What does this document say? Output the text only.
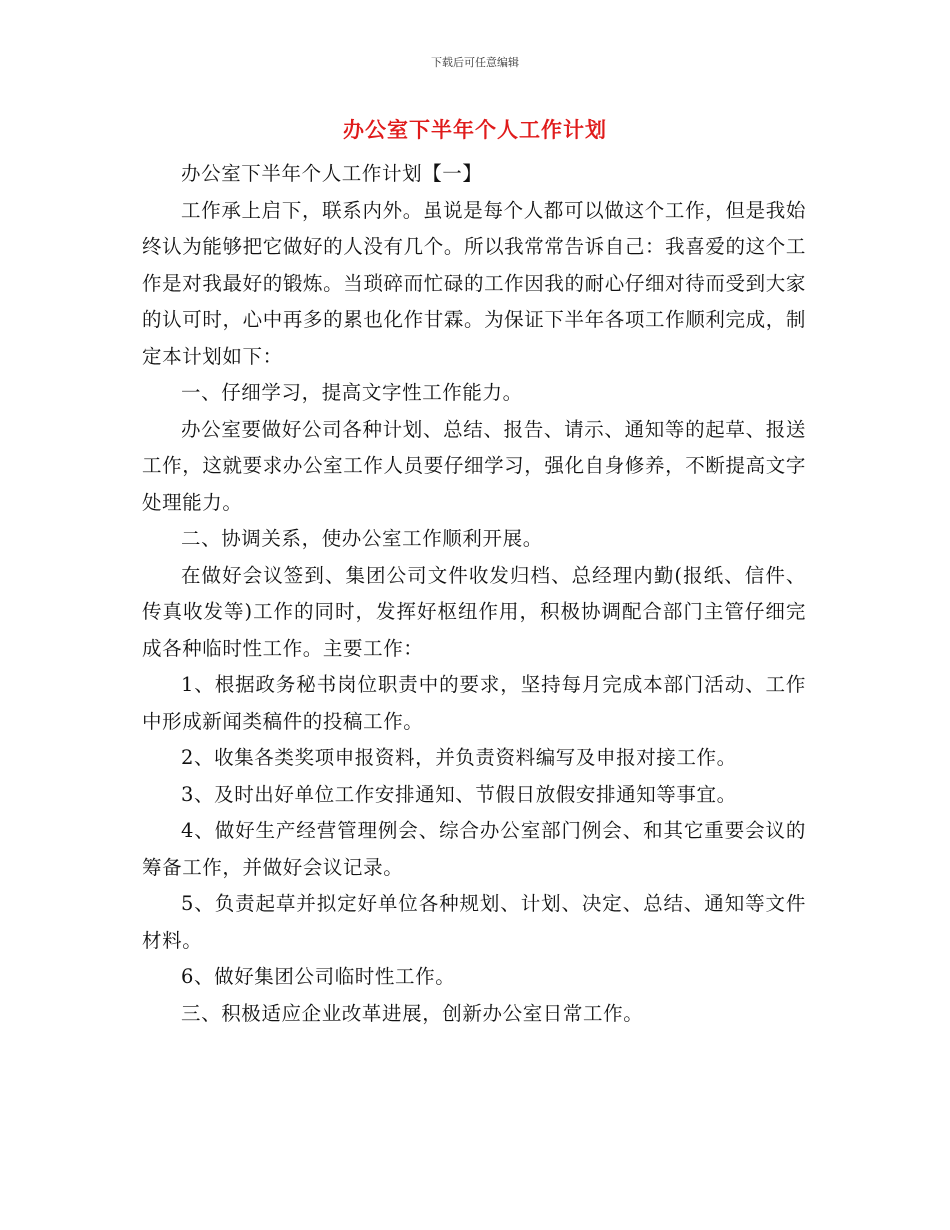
下载后可任意编辑
办公室下半年个人工作计划

办公室下半年个人工作计划【一】

工作承上启下，联系内外。虽说是每个人都可以做这个工作，但是我始终认为能够把它做好的人没有几个。所以我常常告诉自己：我喜爱的这个工作是对我最好的锻炼。当琐碎而忙碌的工作因我的耐心仔细对待而受到大家的认可时，心中再多的累也化作甘霖。为保证下半年各项工作顺利完成，制定本计划如下：

一、仔细学习，提高文字性工作能力。

办公室要做好公司各种计划、总结、报告、请示、通知等的起草、报送工作，这就要求办公室工作人员要仔细学习，强化自身修养，不断提高文字处理能力。

二、协调关系，使办公室工作顺利开展。

在做好会议签到、集团公司文件收发归档、总经理内勤(报纸、信件、传真收发等)工作的同时，发挥好枢纽作用，积极协调配合部门主管仔细完成各种临时性工作。主要工作：

1、根据政务秘书岗位职责中的要求，坚持每月完成本部门活动、工作中形成新闻类稿件的投稿工作。

2、收集各类奖项申报资料，并负责资料编写及申报对接工作。

3、及时出好单位工作安排通知、节假日放假安排通知等事宜。

4、做好生产经营管理例会、综合办公室部门例会、和其它重要会议的筹备工作，并做好会议记录。

5、负责起草并拟定好单位各种规划、计划、决定、总结、通知等文件材料。

6、做好集团公司临时性工作。

三、积极适应企业改革进展，创新办公室日常工作。
